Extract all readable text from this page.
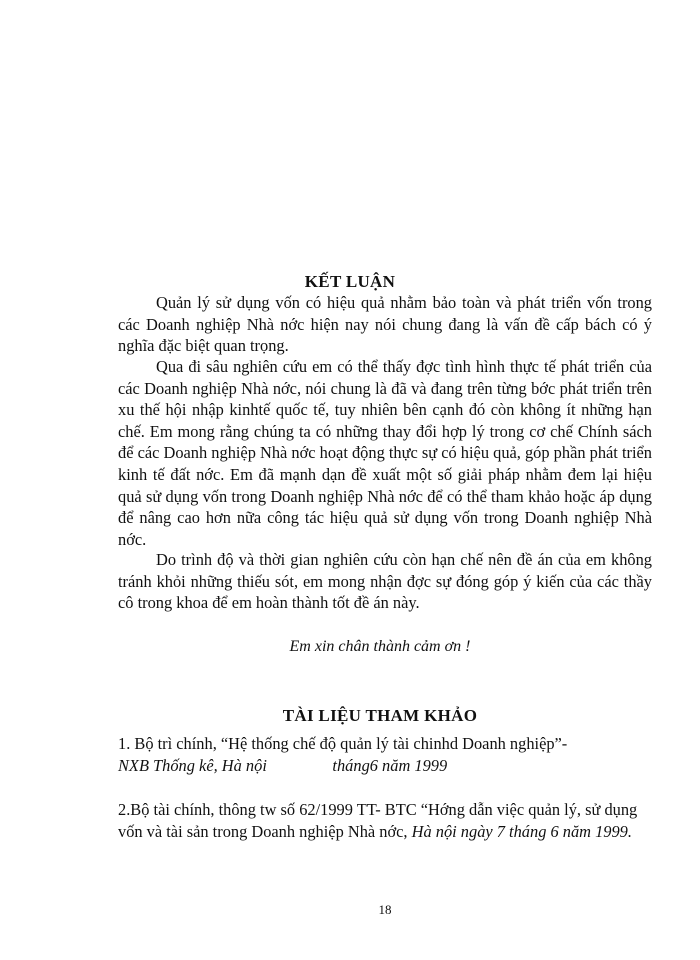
KẾT LUẬN

Quản lý sử dụng vốn có hiệu quả nhằm bảo toàn và phát triển vốn trong các Doanh nghiệp Nhà nớc hiện nay nói chung đang là vấn đề cấp bách có ý nghĩa đặc biệt quan trọng.

Qua đi sâu nghiên cứu em có thể thấy đợc tình hình thực tế phát triển của các Doanh nghiệp Nhà nớc, nói chung là đã và đang trên từng bớc phát triển trên xu thế hội nhập kinhtế quốc tế, tuy nhiên bên cạnh đó còn không ít những hạn chế. Em mong rằng chúng ta có những thay đổi hợp lý trong cơ chế Chính sách để các Doanh nghiệp Nhà nớc hoạt động thực sự có hiệu quả, góp phần phát triển kinh tế đất nớc. Em đã mạnh dạn đề xuất một số giải pháp nhằm đem lại hiệu quả sử dụng vốn trong Doanh nghiệp Nhà nớc để có thể tham khảo hoặc áp dụng để nâng cao hơn nữa công tác hiệu quả sử dụng vốn trong Doanh nghiệp Nhà nớc.

Do trình độ và thời gian nghiên cứu còn hạn chế nên đề án của em không tránh khỏi những thiếu sót, em mong nhận đợc sự đóng góp ý kiến của các thầy cô trong khoa để em hoàn thành tốt đề án này.

Em xin chân thành cảm ơn !
TÀI LIỆU THAM KHẢO

1. Bộ trì chính, “Hệ thống chế độ quản lý tài chinhd Doanh nghiệp”- NXB Thống kê, Hà nội                tháng6 năm 1999

2.Bộ tài chính, thông tw số 62/1999 TT- BTC “Hớng dẫn việc quản lý, sử dụng vốn và tài sản trong Doanh nghiệp Nhà nớc, Hà nội ngày 7 tháng 6 năm 1999.

18
